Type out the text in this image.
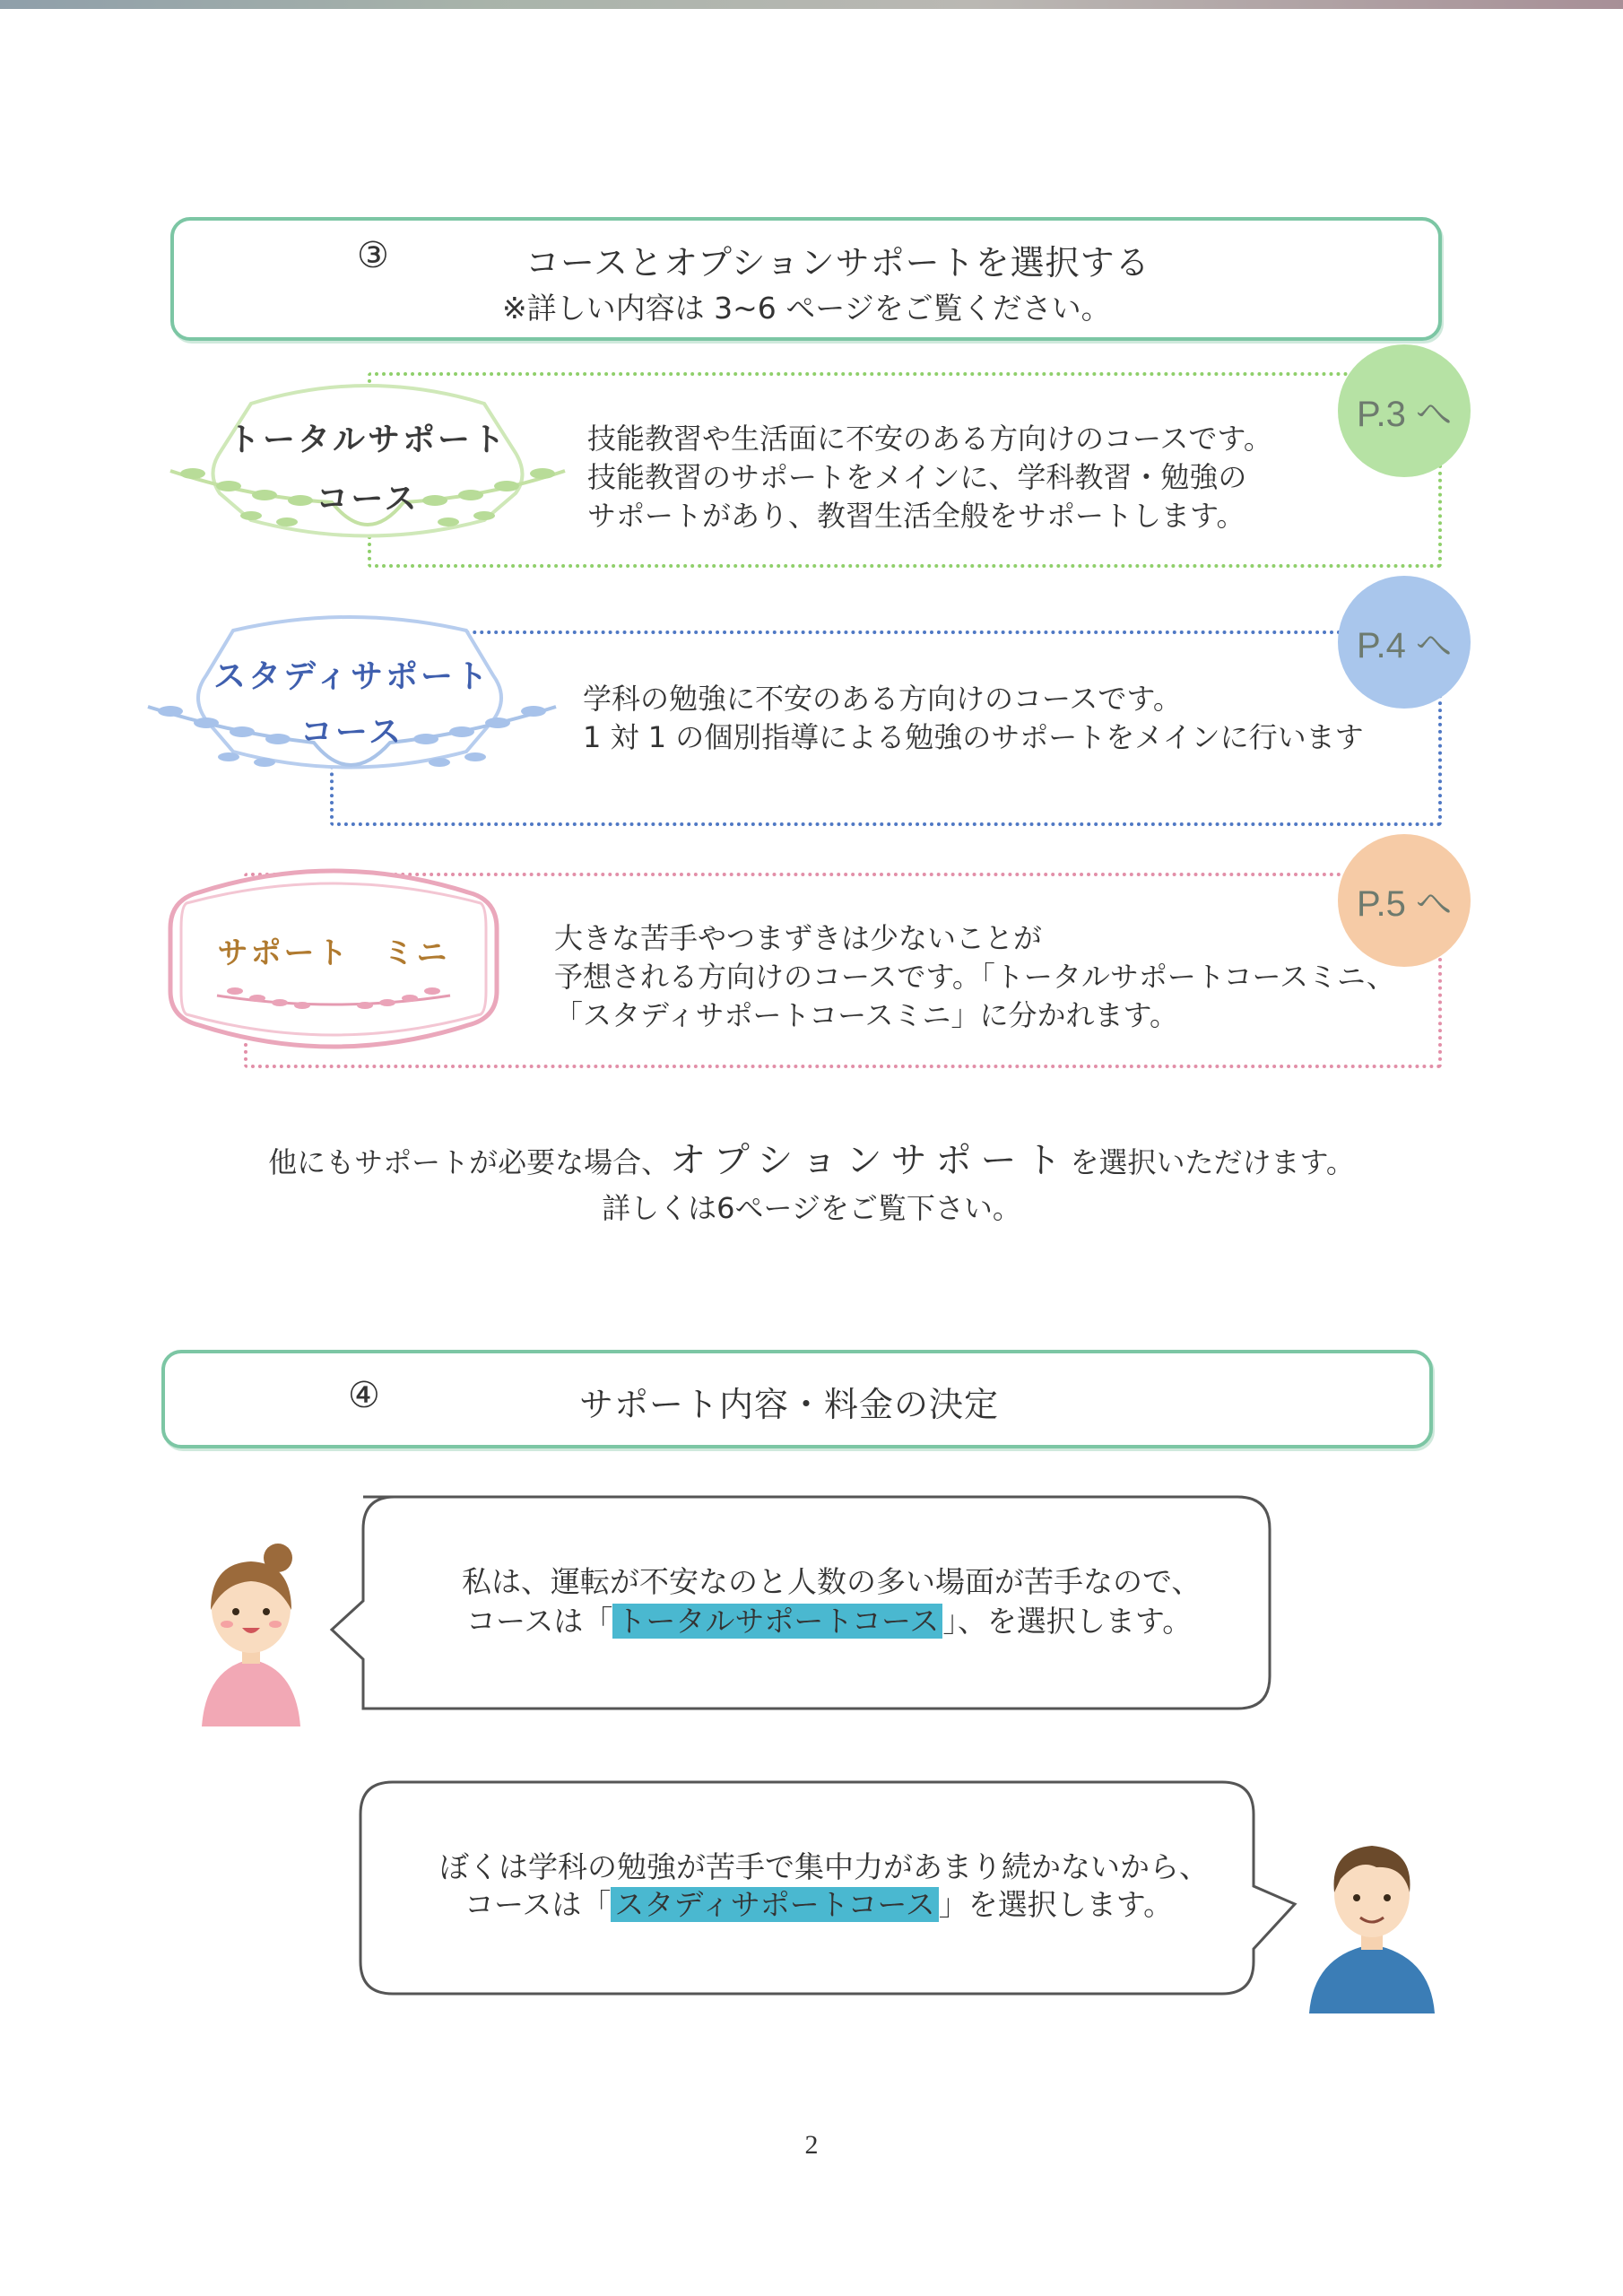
③	コースとオプションサポートを選択する
※詳しい内容は 3~6 ページをご覧ください。
トータルサポート
コース
技能教習や生活面に不安のある方向けのコースです。
技能教習のサポートをメインに、学科教習・勉強の
サポートがあり、教習生活全般をサポートします。
P.3 へ
スタディサポート
コース
学科の勉強に不安のある方向けのコースです。
1 対 1 の個別指導による勉強のサポートをメインに行います
P.4 へ
サポート　ミニ	大きな苦手やつまずきは少ないことが
予想される方向けのコースです。「トータルサポートコースミニ、
「スタディサポートコースミニ」に分かれます。
P.5 へ
他にもサポートが必要な場合、オプションサポートを選択いただけます。
詳しくは6ページをご覧下さい。
④	サポート内容・料金の決定
私は、運転が不安なのと人数の多い場面が苦手なので、
コースは「 トータルサポートコース 」、を選択します。
ぼくは学科の勉強が苦手で集中力があまり続かないから、
コースは「 スタディサポートコース 」を選択します。
2
